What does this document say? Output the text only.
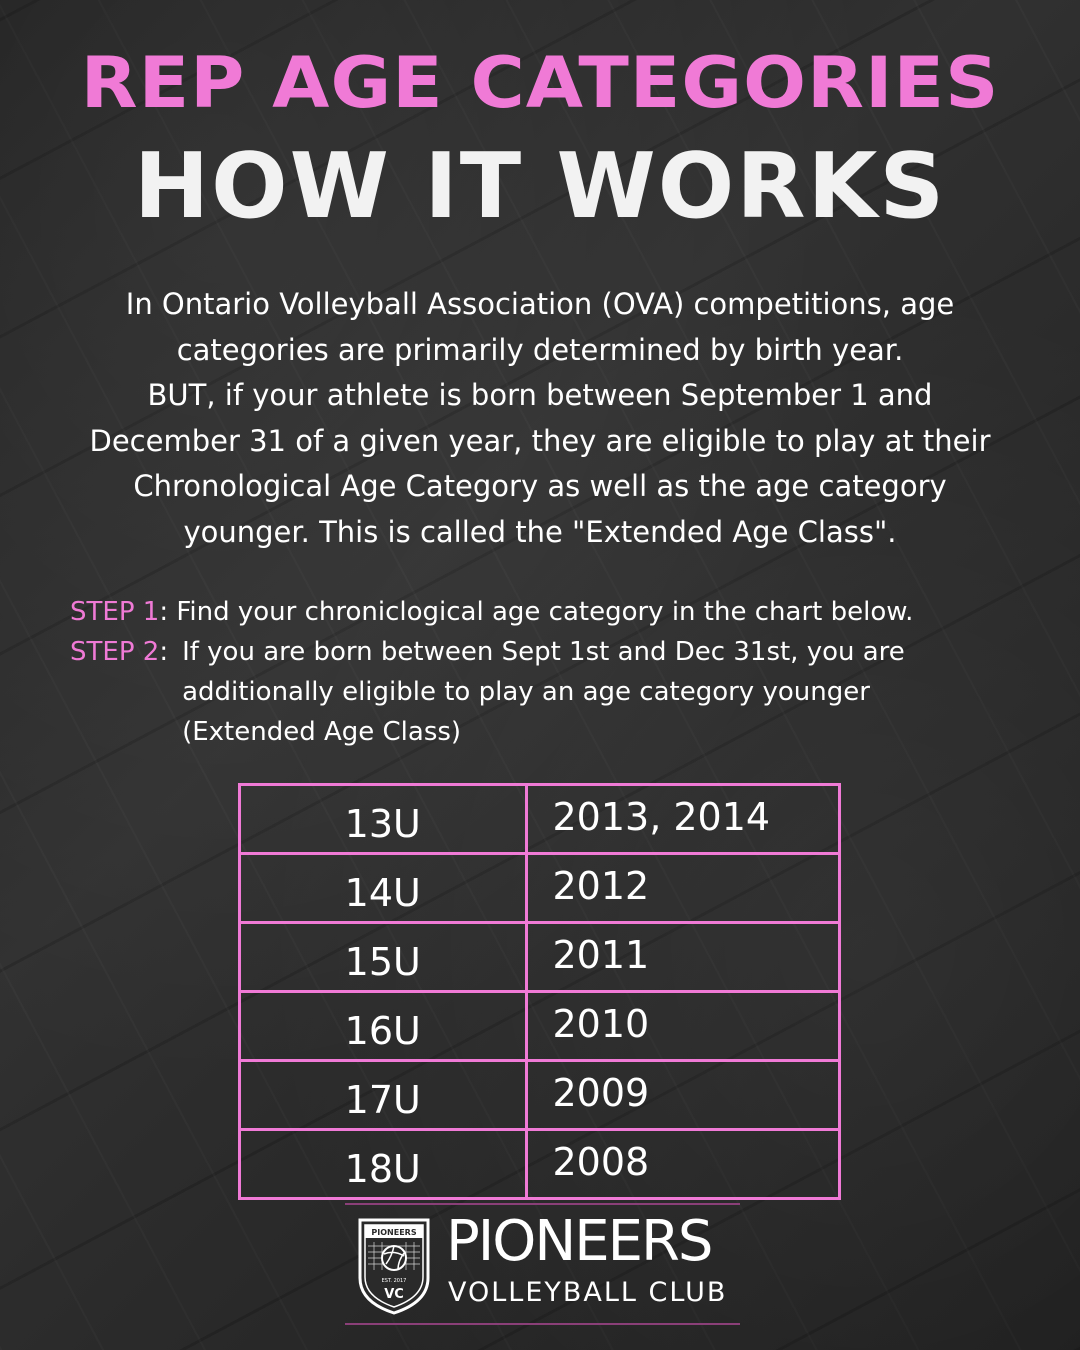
REP AGE CATEGORIES
HOW IT WORKS
In Ontario Volleyball Association (OVA) competitions, age
categories are primarily determined by birth year.
BUT, if your athlete is born between September 1 and
December 31 of a given year, they are eligible to play at their
Chronological Age Category as well as the age category
younger. This is called the "Extended Age Class".
STEP 1 : Find your chroniclogical age category in the chart below.
STEP 2 : If you are born between Sept 1st and Dec 31st, you are additionally eligible to play an age category younger (Extended Age Class)
13U	2013, 2014
14U	2012
15U	2011
16U	2010
17U	2009
18U	2008
PIONEERS
EST. 2017
VC
PIONEERS
VOLLEYBALL CLUB
